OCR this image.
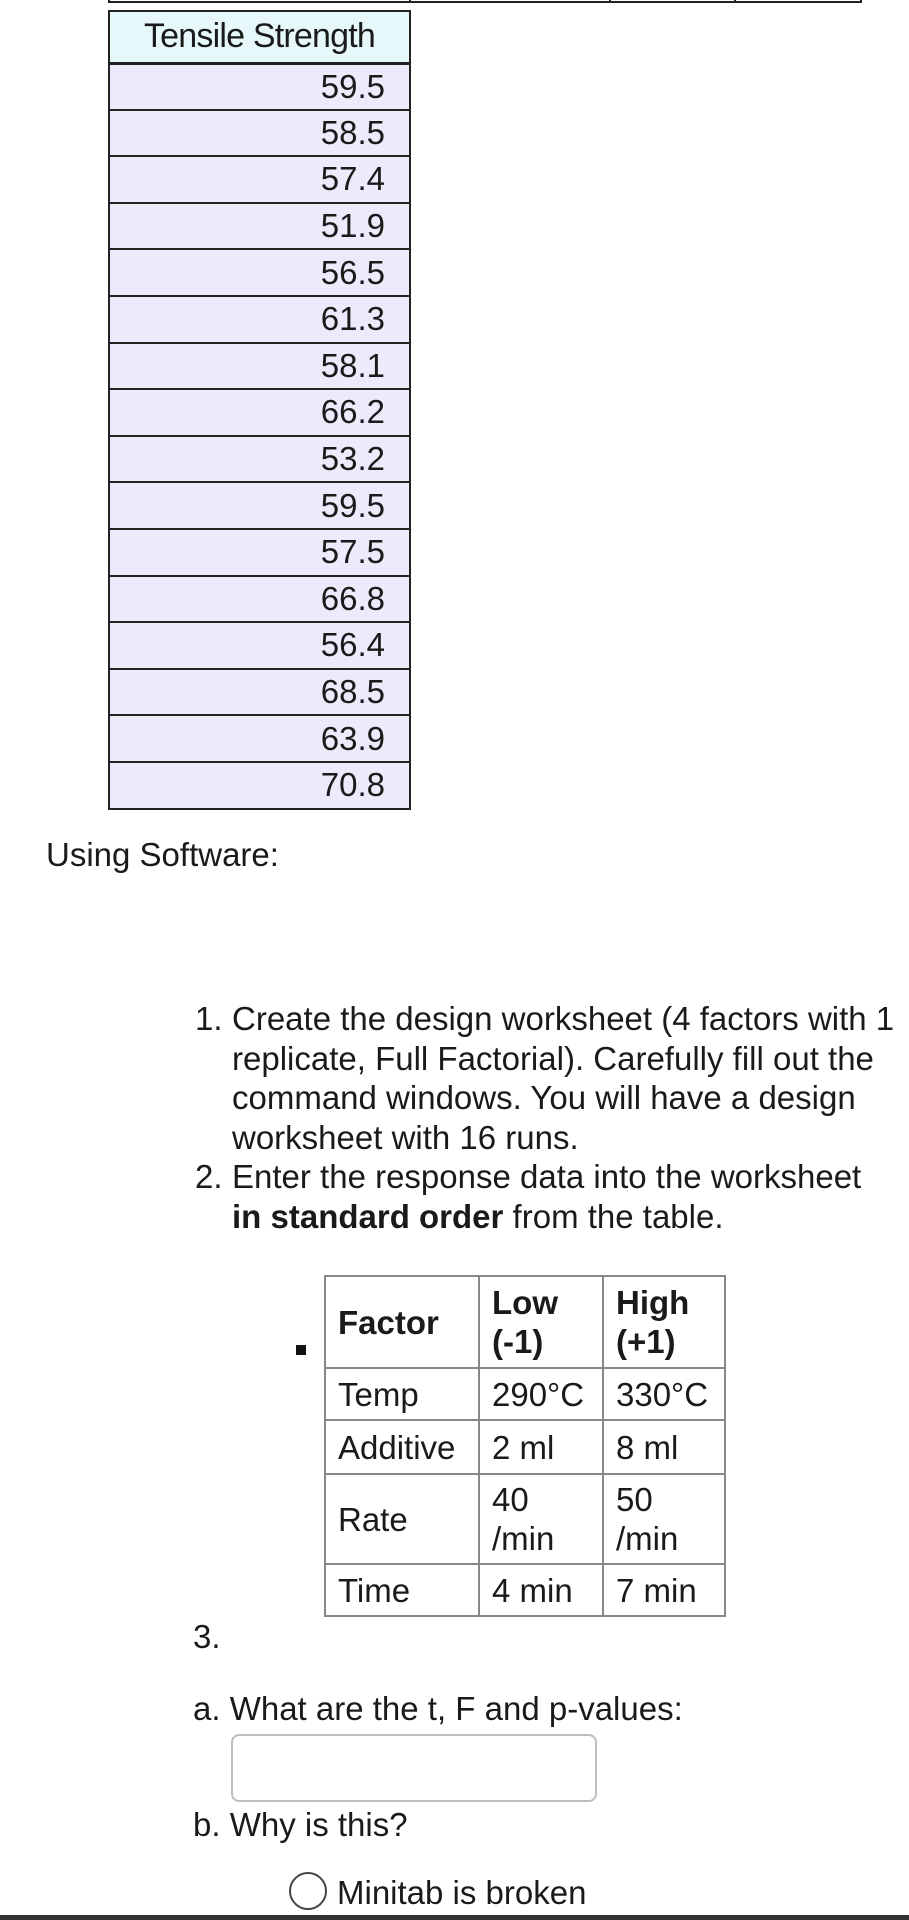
Tensile Strength
59.5
58.5
57.4
51.9
56.5
61.3
58.1
66.2
53.2
59.5
57.5
66.8
56.4
68.5
63.9
70.8
Using Software:
1. Create the design worksheet (4 factors with 1 replicate, Full Factorial). Carefully fill out the command windows. You will have a design worksheet with 16 runs.
2. Enter the response data into the worksheet in standard order from the table.
Factor	Low (-1)	High (+1)
Temp	290°C	330°C
Additive	2 ml	8 ml
Rate	40 /min	50 /min
Time	4 min	7 min
3.
a. What are the t, F and p-values:
b. Why is this?
Minitab is broken
